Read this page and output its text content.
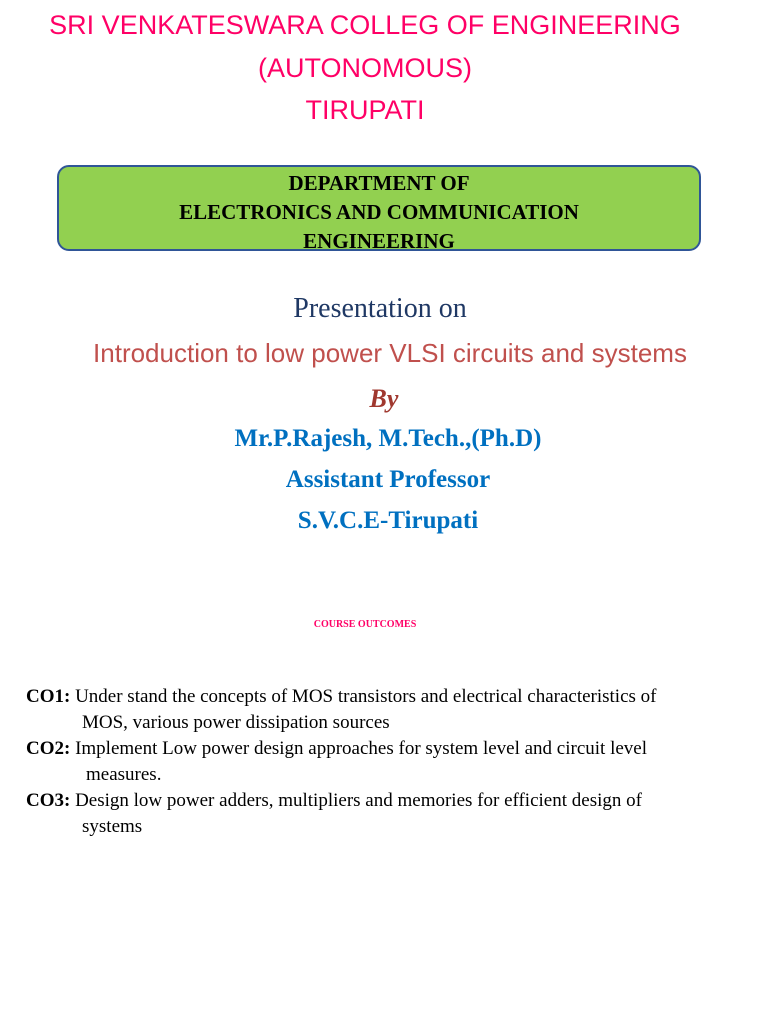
SRI VENKATESWARA COLLEG OF ENGINEERING
(AUTONOMOUS)
TIRUPATI
DEPARTMENT OF
ELECTRONICS AND COMMUNICATION
ENGINEERING
Presentation on
Introduction to low power VLSI circuits and systems
By
Mr.P.Rajesh, M.Tech.,(Ph.D)
Assistant Professor
S.V.C.E-Tirupati
COURSE OUTCOMES
CO1: Under stand the concepts of MOS transistors and electrical characteristics of
MOS, various power dissipation sources
CO2: Implement Low power design approaches for system level and circuit level
measures.
CO3: Design low power adders, multipliers and memories for efficient design of
systems
